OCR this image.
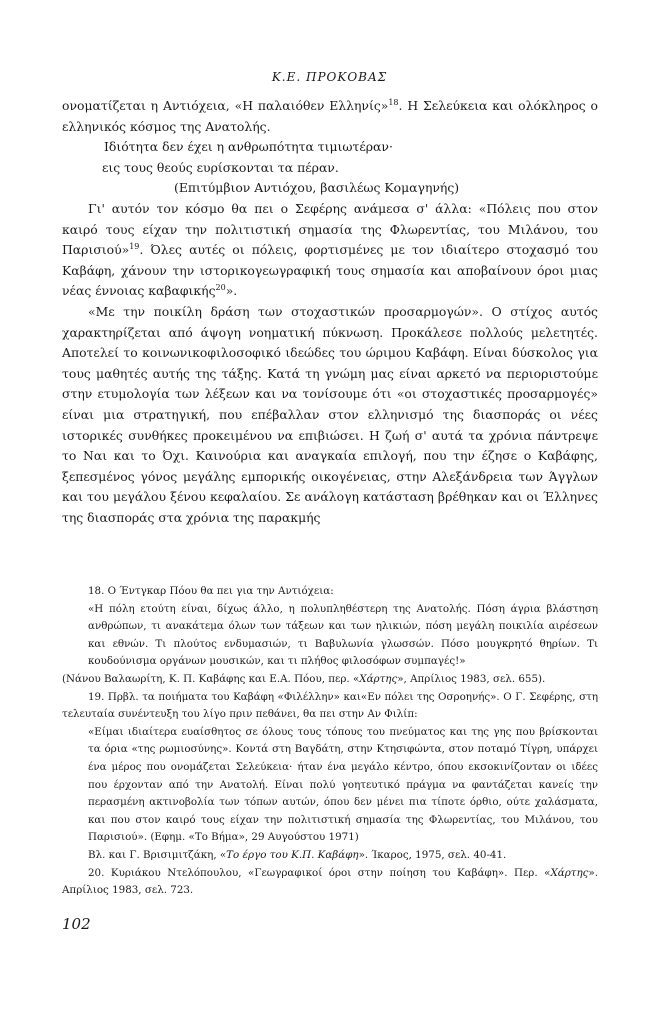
Κ.Ε. ΠΡΟΚΟΒΑΣ

ονοματίζεται η Αντιόχεια, «Η παλαιόθεν Ελληνίς»$^{18}$. Η Σελεύκεια και ολόκληρος ο ελληνικός κόσμος της Ανατολής.

Ιδιότητα δεν έχει η ανθρωπότητα τιμιωτέραν·

εις τους θεούς ευρίσκονται τα πέραν.

(Επιτύμβιον Αντιόχου, βασιλέως Κομαγηνής)

Γι' αυτόν τον κόσμο θα πει ο Σεφέρης ανάμεσα σ' άλλα: «Πόλεις που στον καιρό τους είχαν την πολιτιστική σημασία της Φλωρεντίας, του Μιλάνου, του Παρισιού»$^{19}$. Όλες αυτές οι πόλεις, φορτισμένες με τον ιδιαίτερο στοχασμό του Καβάφη, χάνουν την ιστορικογεωγραφική τους σημασία και αποβαίνουν όροι μιας νέας έννοιας καβαφικής$^{20}$».

«Με την ποικίλη δράση των στοχαστικών προσαρμογών». Ο στίχος αυτός χαρακτηρίζεται από άψογη νοηματική πύκνωση. Προκάλεσε πολλούς μελετητές. Αποτελεί το κοινωνικοφιλοσοφικό ιδεώδες του ώριμου Καβάφη. Είναι δύσκολος για τους μαθητές αυτής της τάξης. Κατά τη γνώμη μας είναι αρκετό να περιοριστούμε στην ετυμολογία των λέξεων και να τονίσουμε ότι «οι στοχαστικές προσαρμογές» είναι μια στρατηγική, που επέβαλλαν στον ελληνισμό της διασποράς οι νέες ιστορικές συνθήκες προκειμένου να επιβιώσει. Η ζωή σ' αυτά τα χρόνια πάντρεψε το Ναι και το Όχι. Καινούρια και αναγκαία επιλογή, που την έζησε ο Καβάφης, ξεπεσμένος γόνος μεγάλης εμπορικής οικογένειας, στην Αλεξάνδρεια των Άγγλων και του μεγάλου ξένου κεφαλαίου. Σε ανάλογη κατάσταση βρέθηκαν και οι Έλληνες της διασποράς στα χρόνια της παρακμής

18. Ο Έντγκαρ Πόου θα πει για την Αντιόχεια:

«Η πόλη ετούτη είναι, δίχως άλλο, η πολυπληθέστερη της Ανατολής. Πόση άγρια βλάστηση ανθρώπων, τι ανακάτεμα όλων των τάξεων και των ηλικιών, πόση μεγάλη ποικιλία αιρέσεων και εθνών. Τι πλούτος ενδυμασιών, τι Βαβυλωνία γλωσσών. Πόσο μουγκρητό θηρίων. Τι κουδούνισμα οργάνων μουσικών, και τι πλήθος φιλοσόφων συμπαγές!»

(Νάνου Βαλαωρίτη, Κ. Π. Καβάφης και Ε.Α. Πόου, περ. «Χάρτης», Απρίλιος 1983, σελ. 655).

19. Πρβλ. τα ποιήματα του Καβάφη «Φιλέλλην» και«Εν πόλει της Οσροηνής». Ο Γ. Σεφέρης, στη τελευταία συνέντευξη του λίγο πριν πεθάνει, θα πει στην Αν Φιλίπ:

«Είμαι ιδιαίτερα ευαίσθητος σε όλους τους τόπους του πνεύματος και της γης που βρίσκονται τα όρια «της ρωμιοσύνης». Κοντά στη Βαγδάτη, στην Κτησιφώντα, στον ποταμό Τίγρη, υπάρχει ένα μέρος που ονομάζεται Σελεύκεια· ήταν ένα μεγάλο κέντρο, όπου εκσοκινίζονταν οι ιδέες που έρχονταν από την Ανατολή. Είναι πολύ γοητευτικό πράγμα να φαντάζεται κανείς την περασμένη ακτινοβολία των τόπων αυτών, όπου δεν μένει πια τίποτε όρθιο, ούτε χαλάσματα, και που στον καιρό τους είχαν την πολιτιστική σημασία της Φλωρεντίας, του Μιλάνου, του Παρισιού». (Εφημ. «Το Βήμα», 29 Αυγούστου 1971)

Βλ. και Γ. Βρισιμιτζάκη, «Το έργο του Κ.Π. Καβάφη». Ίκαρος, 1975, σελ. 40-41.

20. Κυριάκου Ντελόπουλου, «Γεωγραφικοί όροι στην ποίηση του Καβάφη». Περ. «Χάρτης». Απρίλιος 1983, σελ. 723.

102
